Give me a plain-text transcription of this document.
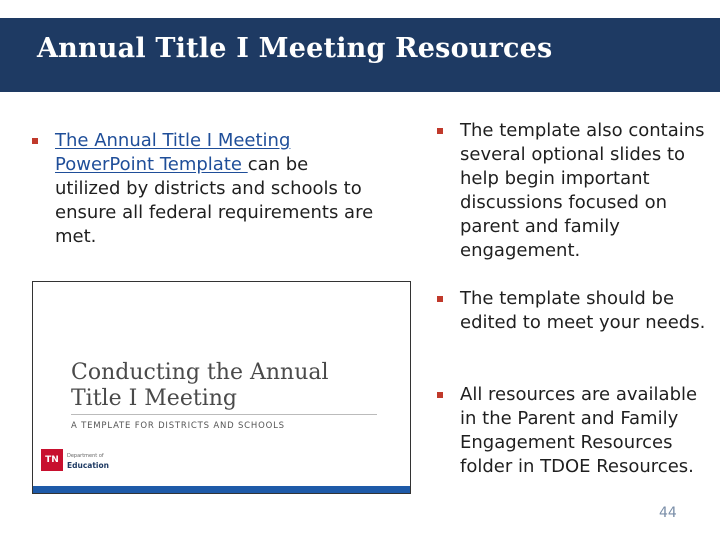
Annual Title I Meeting Resources
The Annual Title I Meeting PowerPoint Template can be utilized by districts and schools to ensure all federal requirements are met.
The template also contains several optional slides to help begin important discussions focused on parent and family engagement.
The template should be edited to meet your needs.
All resources are available in the Parent and Family Engagement Resources folder in TDOE Resources.
Conducting the Annual Title I Meeting
A TEMPLATE FOR DISTRICTS AND SCHOOLS
TN	Department of
Education
44
